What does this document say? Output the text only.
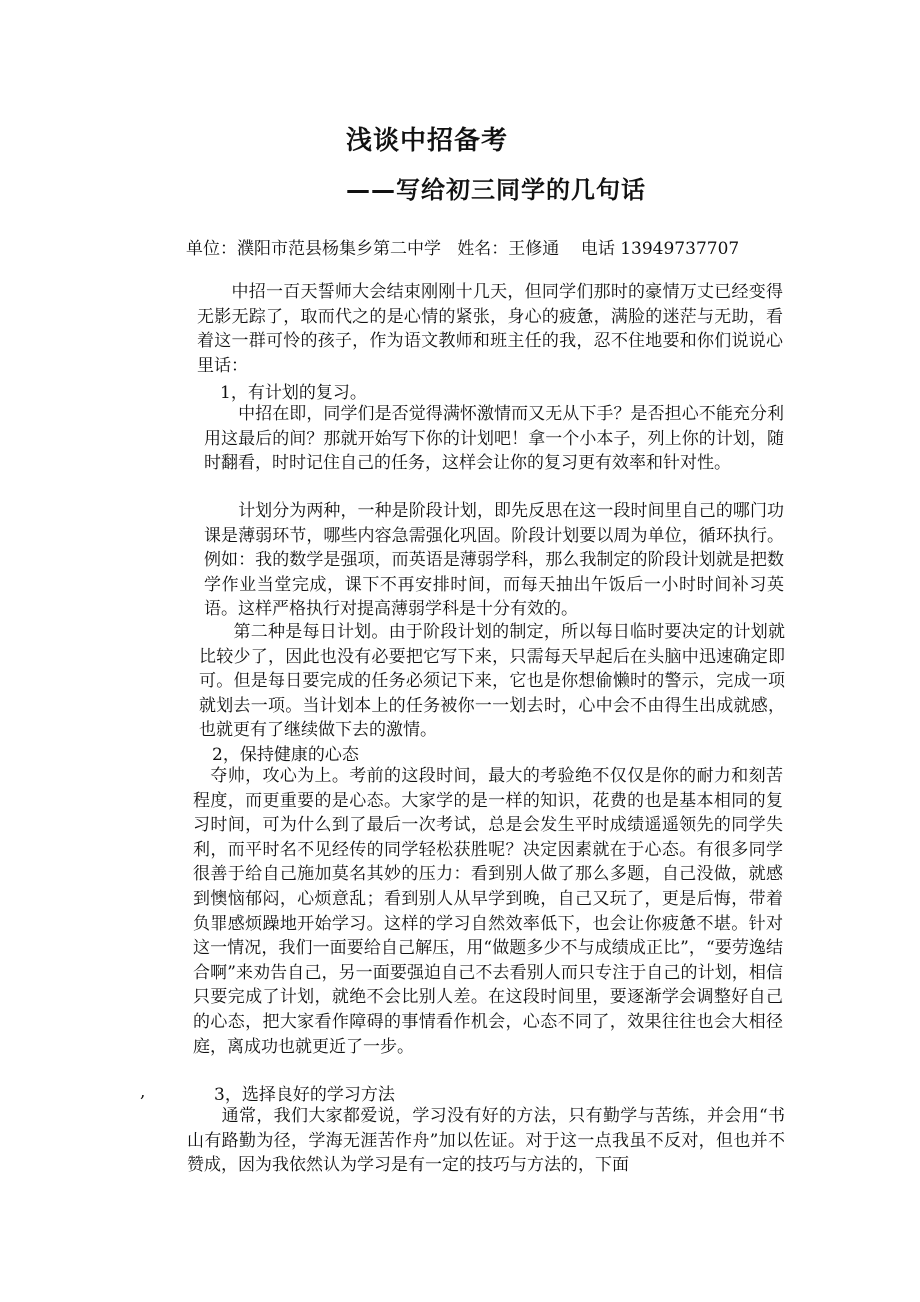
浅谈中招备考
——写给初三同学的几句话

单位：濮阳市范县杨集乡第二中学   姓名：王修通    电话 13949737707

　　中招一百天誓师大会结束刚刚十几天，但同学们那时的豪情万丈已经变得无影无踪了，取而代之的是心情的紧张，身心的疲惫，满脸的迷茫与无助，看着这一群可怜的孩子，作为语文教师和班主任的我，忍不住地要和你们说说心里话：

1，有计划的复习。

　　中招在即，同学们是否觉得满怀激情而又无从下手？是否担心不能充分利用这最后的间？那就开始写下你的计划吧！拿一个小本子，列上你的计划，随时翻看，时时记住自己的任务，这样会让你的复习更有效率和针对性。

　　计划分为两种，一种是阶段计划，即先反思在这一段时间里自己的哪门功课是薄弱环节，哪些内容急需强化巩固。阶段计划要以周为单位，循环执行。例如：我的数学是强项，而英语是薄弱学科，那么我制定的阶段计划就是把数学作业当堂完成，课下不再安排时间，而每天抽出午饭后一小时时间补习英语。这样严格执行对提高薄弱学科是十分有效的。

　　第二种是每日计划。由于阶段计划的制定，所以每日临时要决定的计划就比较少了，因此也没有必要把它写下来，只需每天早起后在头脑中迅速确定即可。但是每日要完成的任务必须记下来，它也是你想偷懒时的警示，完成一项就划去一项。当计划本上的任务被你一一划去时，心中会不由得生出成就感，也就更有了继续做下去的激情。

2，保持健康的心态

　夺帅，攻心为上。考前的这段时间，最大的考验绝不仅仅是你的耐力和刻苦程度，而更重要的是心态。大家学的是一样的知识，花费的也是基本相同的复习时间，可为什么到了最后一次考试，总是会发生平时成绩遥遥领先的同学失利，而平时名不见经传的同学轻松获胜呢？决定因素就在于心态。有很多同学很善于给自己施加莫名其妙的压力：看到别人做了那么多题，自己没做，就感到懊恼郁闷，心烦意乱；看到别人从早学到晚，自己又玩了，更是后悔，带着负罪感烦躁地开始学习。这样的学习自然效率低下，也会让你疲惫不堪。针对这一情况，我们一面要给自己解压，用“做题多少不与成绩成正比”，“要劳逸结合啊”来劝告自己，另一面要强迫自己不去看别人而只专注于自己的计划，相信只要完成了计划，就绝不会比别人差。在这段时间里，要逐渐学会调整好自己的心态，把大家看作障碍的事情看作机会，心态不同了，效果往往也会大相径庭，离成功也就更近了一步。

,	3，选择良好的学习方法

　　通常，我们大家都爱说，学习没有好的方法，只有勤学与苦练，并会用“书山有路勤为径，学海无涯苦作舟”加以佐证。对于这一点我虽不反对，但也并不赞成，因为我依然认为学习是有一定的技巧与方法的，下面
